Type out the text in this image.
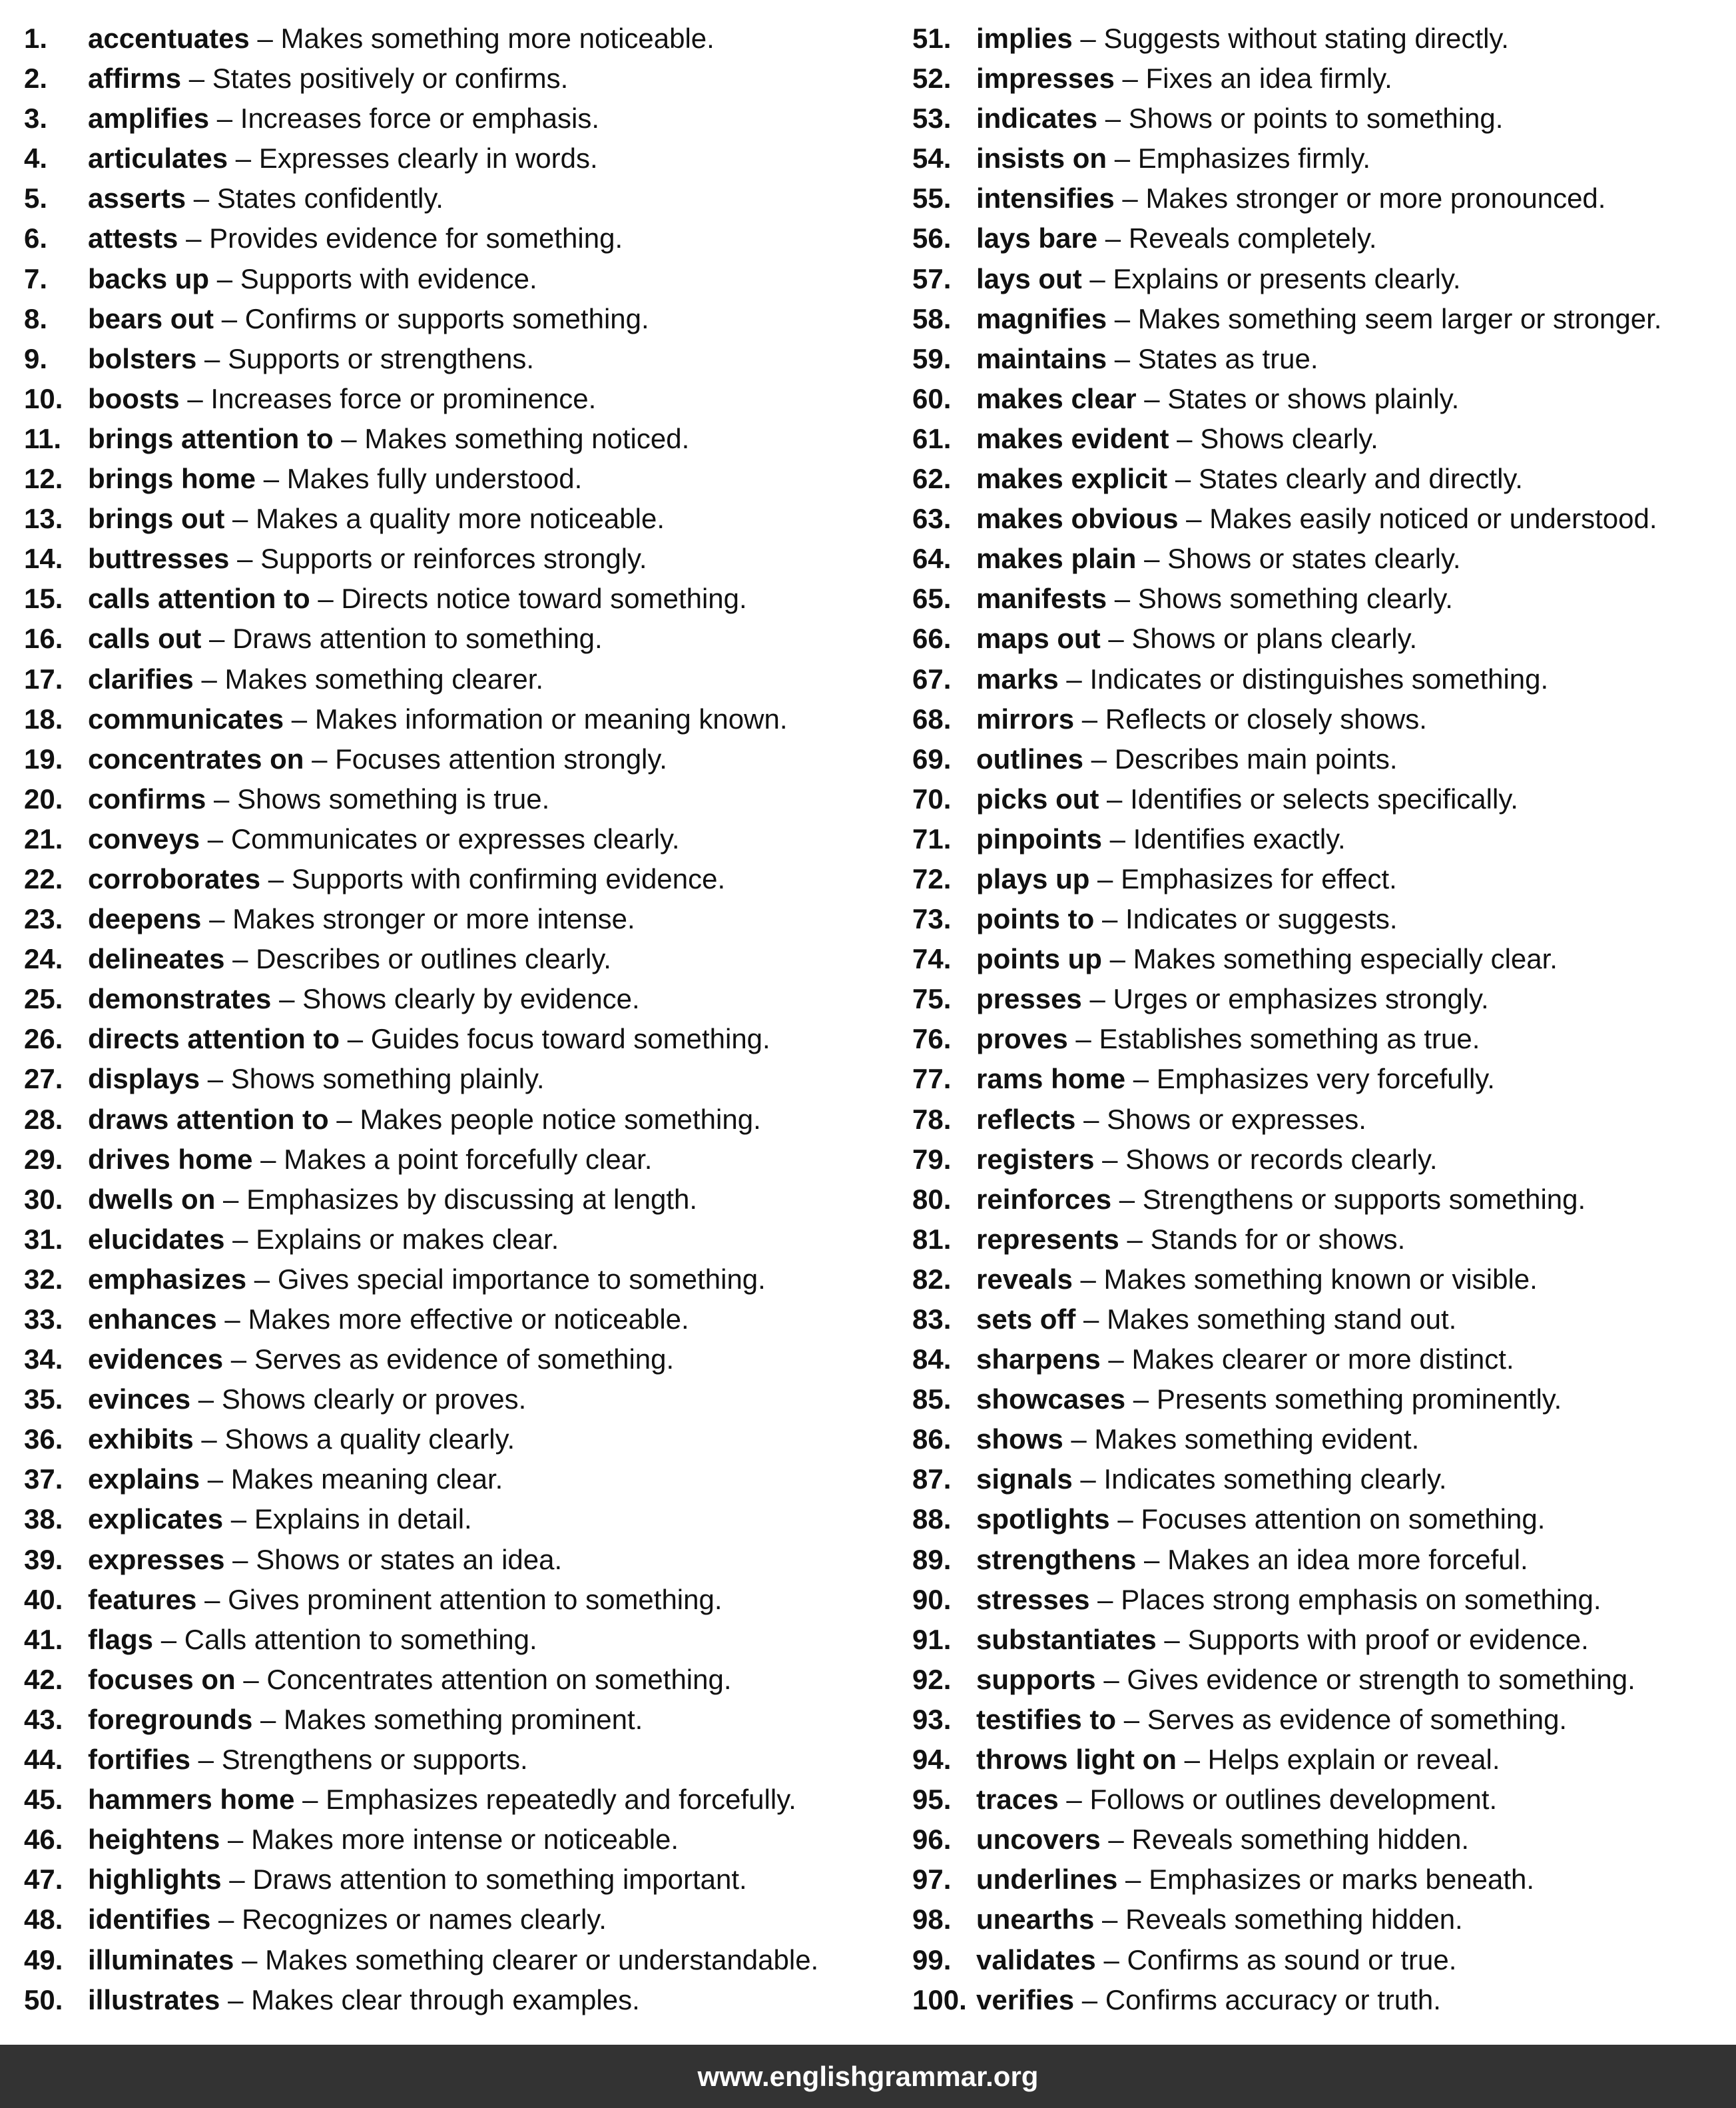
1.	accentuates – Makes something more noticeable.
2.	affirms – States positively or confirms.
3.	amplifies – Increases force or emphasis.
4.	articulates – Expresses clearly in words.
5.	asserts – States confidently.
6.	attests – Provides evidence for something.
7.	backs up – Supports with evidence.
8.	bears out – Confirms or supports something.
9.	bolsters – Supports or strengthens.
10. boosts – Increases force or prominence.
11. brings attention to – Makes something noticed.
12. brings home – Makes fully understood.
13. brings out – Makes a quality more noticeable.
14. buttresses – Supports or reinforces strongly.
15. calls attention to – Directs notice toward something.
16. calls out – Draws attention to something.
17. clarifies – Makes something clearer.
18. communicates – Makes information or meaning known.
19. concentrates on – Focuses attention strongly.
20. confirms – Shows something is true.
21. conveys – Communicates or expresses clearly.
22. corroborates – Supports with confirming evidence.
23. deepens – Makes stronger or more intense.
24. delineates – Describes or outlines clearly.
25. demonstrates – Shows clearly by evidence.
26. directs attention to – Guides focus toward something.
27. displays – Shows something plainly.
28. draws attention to – Makes people notice something.
29. drives home – Makes a point forcefully clear.
30. dwells on – Emphasizes by discussing at length.
31. elucidates – Explains or makes clear.
32. emphasizes – Gives special importance to something.
33. enhances – Makes more effective or noticeable.
34. evidences – Serves as evidence of something.
35. evinces – Shows clearly or proves.
36. exhibits – Shows a quality clearly.
37. explains – Makes meaning clear.
38. explicates – Explains in detail.
39. expresses – Shows or states an idea.
40. features – Gives prominent attention to something.
41. flags – Calls attention to something.
42. focuses on – Concentrates attention on something.
43. foregrounds – Makes something prominent.
44. fortifies – Strengthens or supports.
45. hammers home – Emphasizes repeatedly and forcefully.
46. heightens – Makes more intense or noticeable.
47. highlights – Draws attention to something important.
48. identifies – Recognizes or names clearly.
49. illuminates – Makes something clearer or understandable.
50. illustrates – Makes clear through examples.
51. implies – Suggests without stating directly.
52. impresses – Fixes an idea firmly.
53. indicates – Shows or points to something.
54. insists on – Emphasizes firmly.
55. intensifies – Makes stronger or more pronounced.
56. lays bare – Reveals completely.
57. lays out – Explains or presents clearly.
58. magnifies – Makes something seem larger or stronger.
59. maintains – States as true.
60. makes clear – States or shows plainly.
61. makes evident – Shows clearly.
62. makes explicit – States clearly and directly.
63. makes obvious – Makes easily noticed or understood.
64. makes plain – Shows or states clearly.
65. manifests – Shows something clearly.
66. maps out – Shows or plans clearly.
67. marks – Indicates or distinguishes something.
68. mirrors – Reflects or closely shows.
69. outlines – Describes main points.
70. picks out – Identifies or selects specifically.
71. pinpoints – Identifies exactly.
72. plays up – Emphasizes for effect.
73. points to – Indicates or suggests.
74. points up – Makes something especially clear.
75. presses – Urges or emphasizes strongly.
76. proves – Establishes something as true.
77. rams home – Emphasizes very forcefully.
78. reflects – Shows or expresses.
79. registers – Shows or records clearly.
80. reinforces – Strengthens or supports something.
81. represents – Stands for or shows.
82. reveals – Makes something known or visible.
83. sets off – Makes something stand out.
84. sharpens – Makes clearer or more distinct.
85. showcases – Presents something prominently.
86. shows – Makes something evident.
87. signals – Indicates something clearly.
88. spotlights – Focuses attention on something.
89. strengthens – Makes an idea more forceful.
90. stresses – Places strong emphasis on something.
91. substantiates – Supports with proof or evidence.
92. supports – Gives evidence or strength to something.
93. testifies to – Serves as evidence of something.
94. throws light on – Helps explain or reveal.
95. traces – Follows or outlines development.
96. uncovers – Reveals something hidden.
97. underlines – Emphasizes or marks beneath.
98. unearths – Reveals something hidden.
99. validates – Confirms as sound or true.
100. verifies – Confirms accuracy or truth.
www.englishgrammar.org
